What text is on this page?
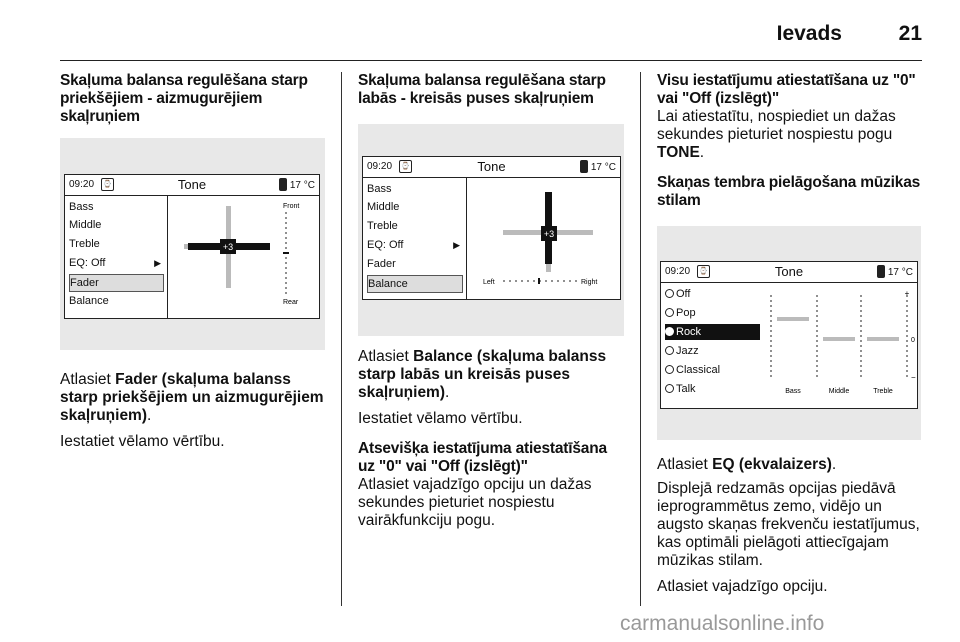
Ievads	21

Skaļuma balansa regulēšana starp priekšējiem - aizmugurējiem skaļruņiem

09:20	⌚	Tone	17 °C
Bass
Middle
Treble
EQ: Off	▶
Fader
Balance
+3
Front
Rear

Atlasiet Fader (skaļuma balanss starp priekšējiem un aizmugurējiem skaļruņiem).

Iestatiet vēlamo vērtību.

Skaļuma balansa regulēšana starp labās - kreisās puses skaļruņiem

09:20	⌚	Tone	17 °C
Bass
Middle
Treble
EQ: Off	▶
Fader
Balance
+3
Left	Right

Atlasiet Balance (skaļuma balanss starp labās un kreisās puses skaļruņiem).

Iestatiet vēlamo vērtību.

Atsevišķa iestatījuma atiestatīšana uz "0" vai "Off (izslēgt)"

Atlasiet vajadzīgo opciju un dažas sekundes pieturiet nospiestu vairākfunkciju pogu.

Visu iestatījumu atiestatīšana uz "0" vai "Off (izslēgt)"

Lai atiestatītu, nospiediet un dažas sekundes pieturiet nospiestu pogu TONE.

Skaņas tembra pielāgošana mūzikas stilam

09:20	⌚	Tone	17 °C
Off
Pop
Rock
Jazz
Classical
Talk
+
0
−
Bass	Middle	Treble

Atlasiet EQ (ekvalaizers).

Displejā redzamās opcijas piedāvā ieprogrammētus zemo, vidējo un augsto skaņas frekvenču iestatījumus, kas optimāli pielāgoti attiecīgajam mūzikas stilam.

Atlasiet vajadzīgo opciju.

carmanualsonline.info
